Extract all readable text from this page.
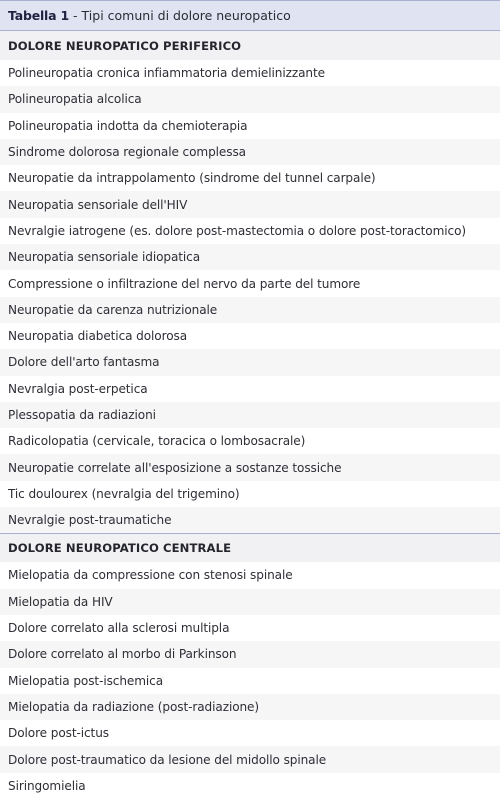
Tabella 1 - Tipi comuni di dolore neuropatico
DOLORE NEUROPATICO PERIFERICO
Polineuropatia cronica infiammatoria demielinizzante
Polineuropatia alcolica
Polineuropatia indotta da chemioterapia
Sindrome dolorosa regionale complessa
Neuropatie da intrappolamento (sindrome del tunnel carpale)
Neuropatia sensoriale dell'HIV
Nevralgie iatrogene (es. dolore post-mastectomia o dolore post-toractomico)
Neuropatia sensoriale idiopatica
Compressione o infiltrazione del nervo da parte del tumore
Neuropatie da carenza nutrizionale
Neuropatia diabetica dolorosa
Dolore dell'arto fantasma
Nevralgia post-erpetica
Plessopatia da radiazioni
Radicolopatia (cervicale, toracica o lombosacrale)
Neuropatie correlate all'esposizione a sostanze tossiche
Tic doulourex (nevralgia del trigemino)
Nevralgie post-traumatiche
DOLORE NEUROPATICO CENTRALE
Mielopatia da compressione con stenosi spinale
Mielopatia da HIV
Dolore correlato alla sclerosi multipla
Dolore correlato al morbo di Parkinson
Mielopatia post-ischemica
Mielopatia da radiazione (post-radiazione)
Dolore post-ictus
Dolore post-traumatico da lesione del midollo spinale
Siringomielia
